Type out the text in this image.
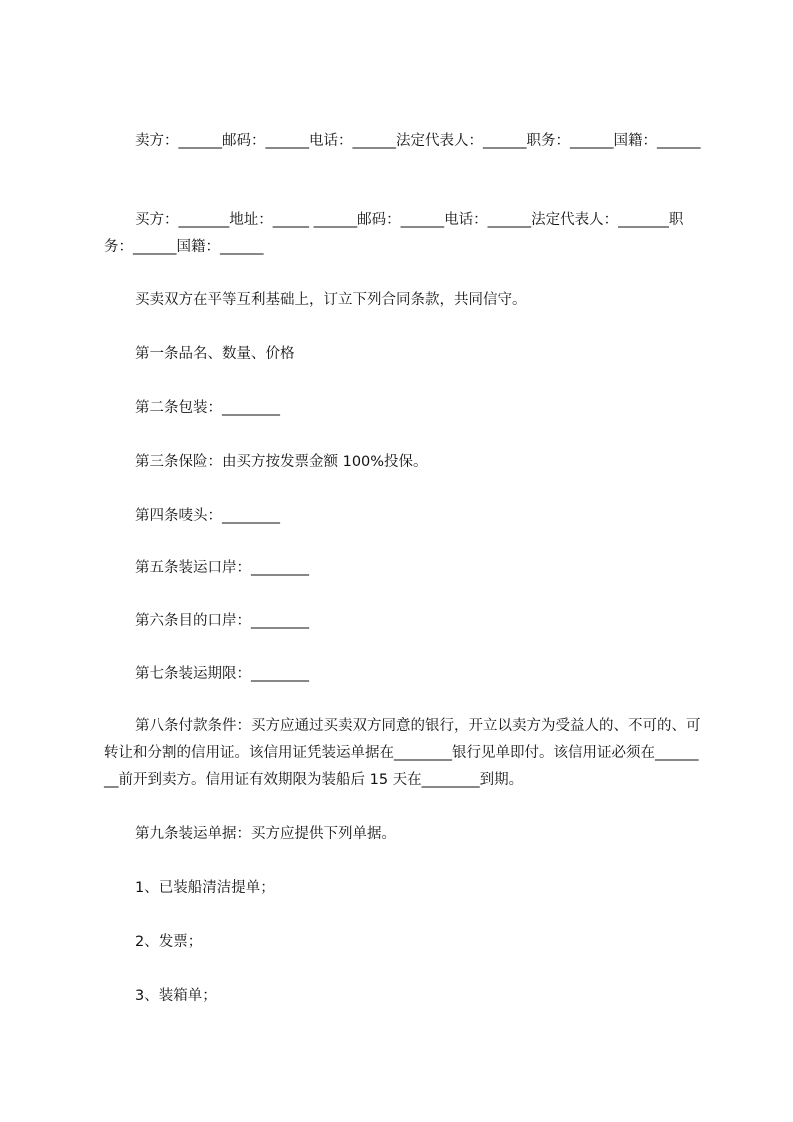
卖方：______邮码：______电话：______法定代表人：______职务：______国籍：______

买方：_______地址：_____ ______邮码：______电话：______法定代表人：_______职务：______国籍：______

买卖双方在平等互利基础上，订立下列合同条款，共同信守。

第一条品名、数量、价格

第二条包装：________

第三条保险：由买方按发票金额 100%投保。

第四条唛头：________

第五条装运口岸：________

第六条目的口岸：________

第七条装运期限：________

第八条付款条件：买方应通过买卖双方同意的银行，开立以卖方为受益人的、不可的、可转让和分割的信用证。该信用证凭装运单据在________银行见单即付。该信用证必须在________前开到卖方。信用证有效期限为装船后 15 天在________到期。

第九条装运单据：买方应提供下列单据。

1、已装船清洁提单；

2、发票；

3、装箱单；
